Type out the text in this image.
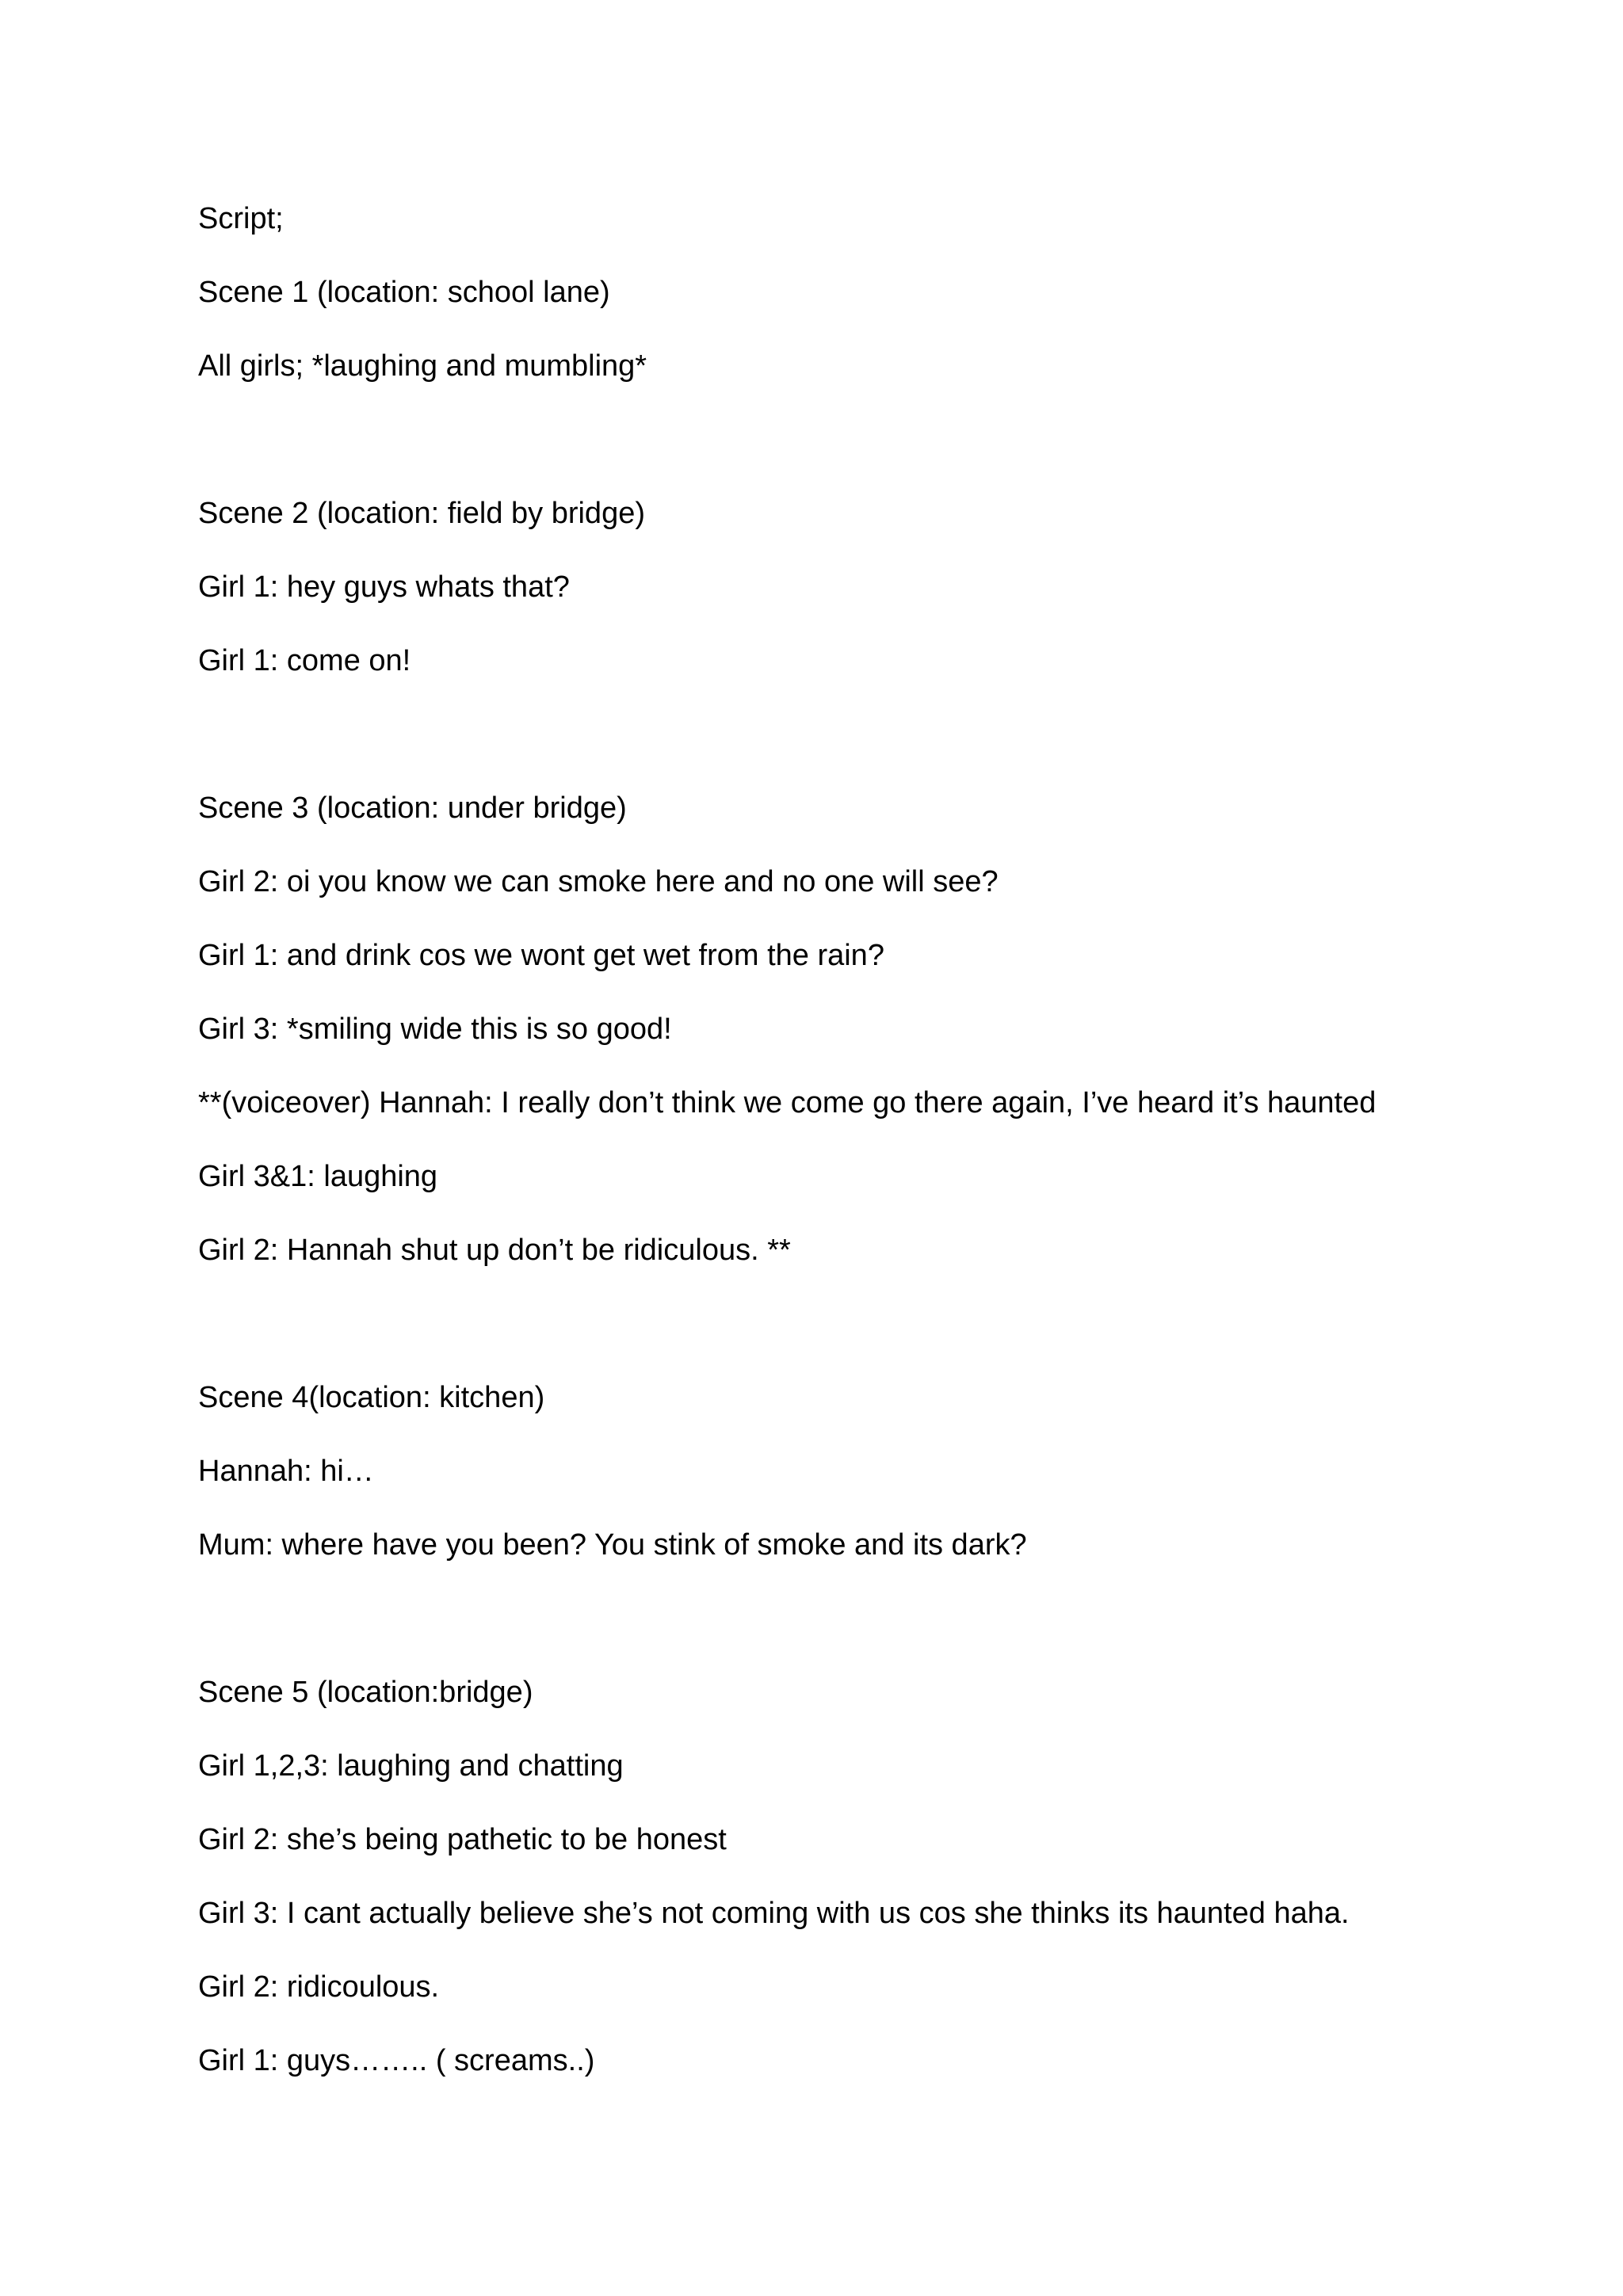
Script;

Scene 1 (location: school lane)

All girls; *laughing and mumbling*

Scene 2 (location: field by bridge)

Girl 1: hey guys whats that?

Girl 1: come on!

Scene 3 (location: under bridge)

Girl 2: oi you know we can smoke here and no one will see?

Girl 1: and drink cos we wont get wet from the rain?

Girl 3: *smiling wide this is so good!

**(voiceover) Hannah: I really don’t think we come go there again, I’ve heard it’s haunted

Girl 3&1: laughing

Girl 2: Hannah shut up don’t be ridiculous. **

Scene 4(location: kitchen)

Hannah: hi…

Mum: where have you been? You stink of smoke and its dark?

Scene 5 (location:bridge)

Girl 1,2,3: laughing and chatting

Girl 2: she’s being pathetic to be honest

Girl 3: I cant actually believe she’s not coming with us cos she thinks its haunted haha.

Girl 2: ridicoulous.

Girl 1: guys…….. ( screams..)
